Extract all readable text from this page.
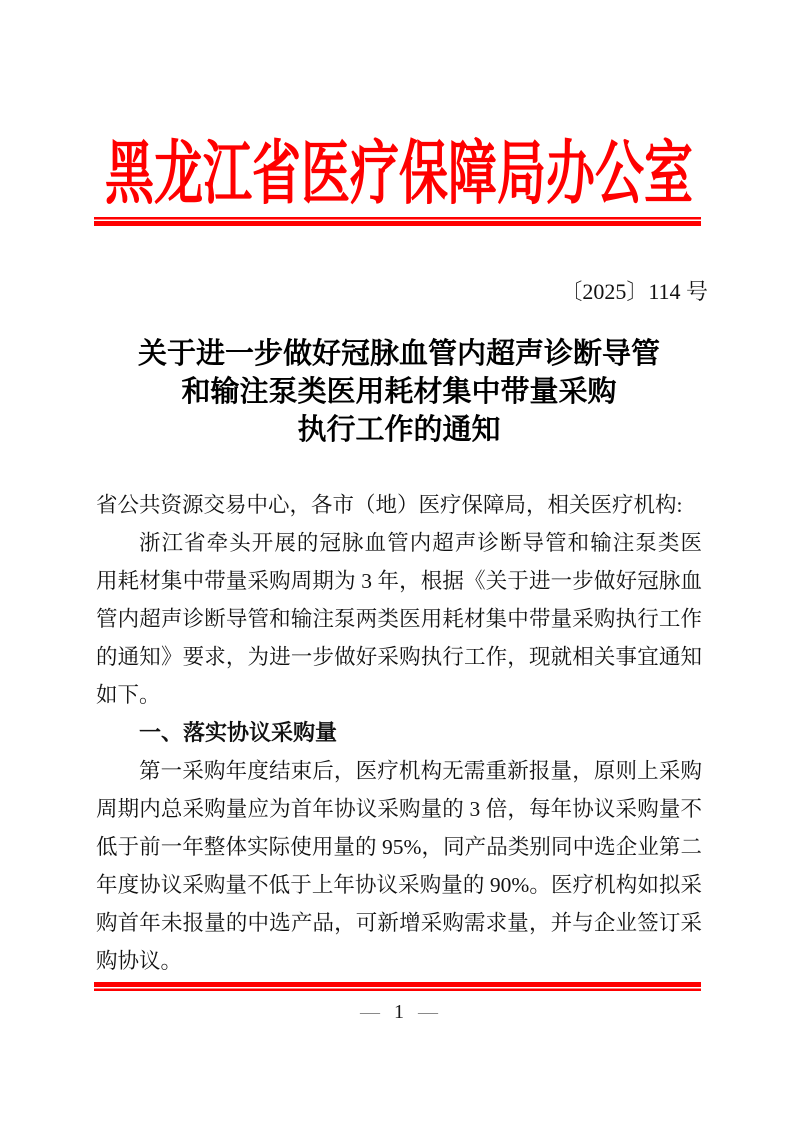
黑龙江省医疗保障局办公室
〔2025〕114 号
关于进一步做好冠脉血管内超声诊断导管
和输注泵类医用耗材集中带量采购
执行工作的通知
省公共资源交易中心，各市（地）医疗保障局，相关医疗机构:
浙江省牵头开展的冠脉血管内超声诊断导管和输注泵类医
用耗材集中带量采购周期为 3 年，根据《关于进一步做好冠脉血
管内超声诊断导管和输注泵两类医用耗材集中带量采购执行工作
的通知》要求，为进一步做好采购执行工作，现就相关事宜通知
如下。
一、落实协议采购量
第一采购年度结束后，医疗机构无需重新报量，原则上采购
周期内总采购量应为首年协议采购量的 3 倍，每年协议采购量不
低于前一年整体实际使用量的 95%，同产品类别同中选企业第二
年度协议采购量不低于上年协议采购量的 90%。医疗机构如拟采
购首年未报量的中选产品，可新增采购需求量，并与企业签订采
购协议。
— 1 —
